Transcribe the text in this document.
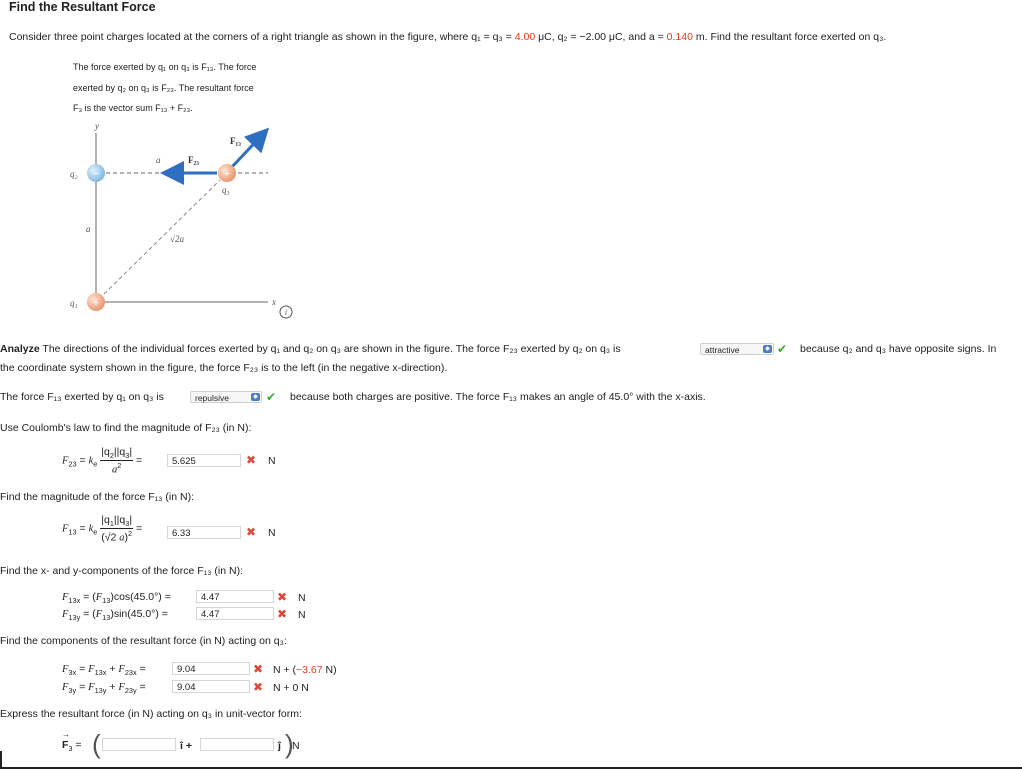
Find the Resultant Force
Consider three point charges located at the corners of a right triangle as shown in the figure, where q₁ = q₃ = 4.00 μC, q₂ = −2.00 μC, and a = 0.140 m. Find the resultant force exerted on q₃.
The force exerted by q₁ on q₃ is F₁₃. The force
exerted by q₂ on q₃ is F₂₃. The resultant force
F₃ is the vector sum F₁₃ + F₂₃.
−	+
+
y
x
a
a
√2a
q₂
q₁
q₃
F₁₃
F₂₃
i
Analyze The directions of the individual forces exerted by q₁ and q₂ on q₃ are shown in the figure. The force F₂₃ exerted by q₂ on q₃ is	attractive	◆ ✔ because q₂ and q₃ have opposite signs. In
the coordinate system shown in the figure, the force F₂₃ is to the left (in the negative x-direction).
The force F₁₃ exerted by q₁ on q₃ is	repulsive	◆ ✔ because both charges are positive. The force F₁₃ makes an angle of 45.0° with the x-axis.
Use Coulomb's law to find the magnitude of F₂₃ (in N):
$F_{23} = k_e \frac{|q_2||q_3|}{a^2}$ =	5.625	✖ N
Find the magnitude of the force F₁₃ (in N):
$F_{13} = k_e \frac{|q_1||q_3|}{(√2 a)^2}$ =	6.33	✖ N
Find the x- and y-components of the force F₁₃ (in N):
$F_{13x} = (F_{13})\cos(45.0^\circ)$ =	4.47	✖ N
$F_{13y} = (F_{13})\sin(45.0^\circ)$ =	4.47	✖ N
Find the components of the resultant force (in N) acting on q₃:
$F_{3x} = F_{13x} + F_{23x}$ =	9.04	✖ N + (−3.67 N)
$F_{3y} = F_{13y} + F_{23y}$ =	9.04	✖ N + 0 N
Express the resultant force (in N) acting on q₃ in unit-vector form:
→ $F_3$ = (	î +	ĵ )
N
